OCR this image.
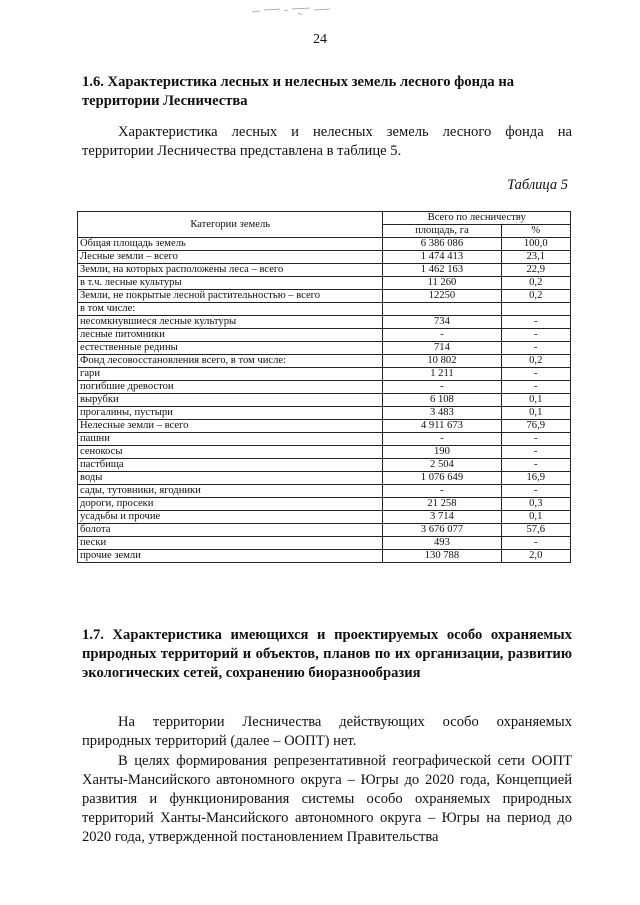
24
1.6. Характеристика лесных и нелесных земель лесного фонда на территории Лесничества
Характеристика лесных и нелесных земель лесного фонда на территории Лесничества представлена в таблице 5.
Таблица 5
Категории земель	Всего по лесничеству	
	площадь, га	%
Общая площадь земель	6 386 086	100,0
Лесные земли – всего	1 474 413	23,1
Земли, на которых расположены леса – всего	1 462 163	22,9
в т.ч. лесные культуры	11 260	0,2
Земли, не покрытые лесной растительностью – всего	12250	0,2
в том числе:		
несомкнувшиеся лесные культуры	734	-
лесные питомники	-	-
естественные редины	714	-
Фонд лесовосстановления всего, в том числе:	10 802	0,2
гари	1 211	-
погибшие древостои	-	-
вырубки	6 108	0,1
прогалины, пустыри	3 483	0,1
Нелесные земли – всего	4 911 673	76,9
пашни	-	-
сенокосы	190	-
пастбища	2 504	-
воды	1 076 649	16,9
сады, тутовники, ягодники	-	-
дороги, просеки	21 258	0,3
усадьбы и прочие	3 714	0,1
болота	3 676 077	57,6
пески	493	-
прочие земли	130 788	2,0
1.7. Характеристика имеющихся и проектируемых особо охраняемых природных территорий и объектов, планов по их организации, развитию экологических сетей, сохранению биоразнообразия
На территории Лесничества действующих особо охраняемых природных территорий (далее – ООПТ) нет.
В целях формирования репрезентативной географической сети ООПТ Ханты-Мансийского автономного округа – Югры до 2020 года, Концепцией развития и функционирования системы особо охраняемых природных территорий Ханты-Мансийского автономного округа – Югры на период до 2020 года, утвержденной постановлением Правительства
